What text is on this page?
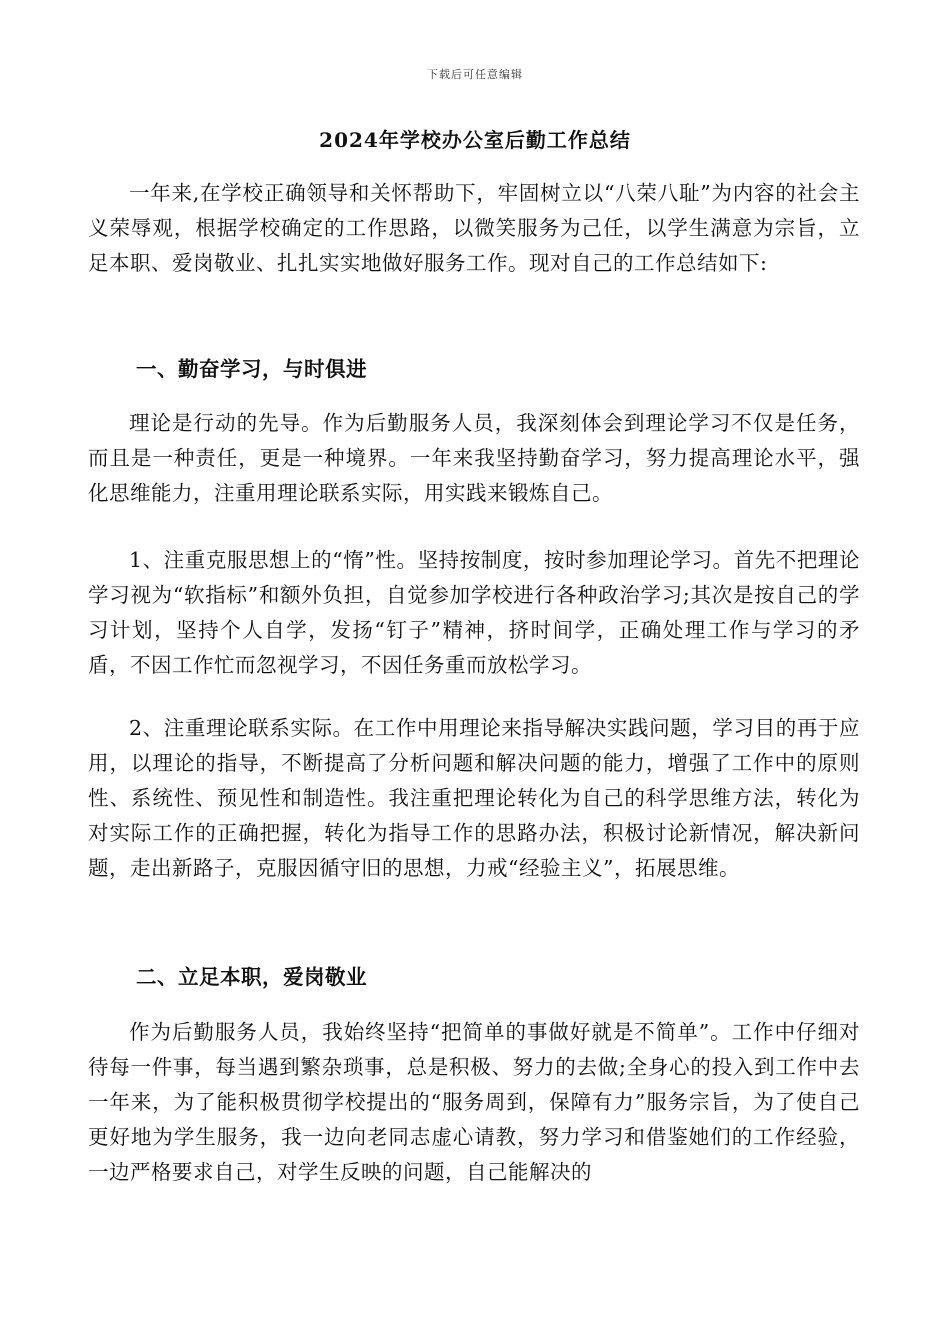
下载后可任意编辑
2024年学校办公室后勤工作总结

一年来,在学校正确领导和关怀帮助下，牢固树立以“八荣八耻”为内容的社会主义荣辱观，根据学校确定的工作思路，以微笑服务为己任，以学生满意为宗旨，立足本职、爱岗敬业、扎扎实实地做好服务工作。现对自己的工作总结如下:

一、勤奋学习，与时俱进

理论是行动的先导。作为后勤服务人员，我深刻体会到理论学习不仅是任务，而且是一种责任，更是一种境界。一年来我坚持勤奋学习，努力提高理论水平，强化思维能力，注重用理论联系实际，用实践来锻炼自己。

1、注重克服思想上的“惰”性。坚持按制度，按时参加理论学习。首先不把理论学习视为“软指标”和额外负担，自觉参加学校进行各种政治学习;其次是按自己的学习计划，坚持个人自学，发扬“钉子”精神，挤时间学，正确处理工作与学习的矛盾，不因工作忙而忽视学习，不因任务重而放松学习。

2、注重理论联系实际。在工作中用理论来指导解决实践问题，学习目的再于应用，以理论的指导，不断提高了分析问题和解决问题的能力，增强了工作中的原则性、系统性、预见性和制造性。我注重把理论转化为自己的科学思维方法，转化为对实际工作的正确把握，转化为指导工作的思路办法，积极讨论新情况，解决新问题，走出新路子，克服因循守旧的思想，力戒“经验主义”，拓展思维。

二、立足本职，爱岗敬业

作为后勤服务人员，我始终坚持“把简单的事做好就是不简单”。工作中仔细对待每一件事，每当遇到繁杂琐事，总是积极、努力的去做;全身心的投入到工作中去一年来，为了能积极贯彻学校提出的“服务周到，保障有力”服务宗旨，为了使自己更好地为学生服务，我一边向老同志虚心请教，努力学习和借鉴她们的工作经验，一边严格要求自己，对学生反映的问题，自己能解决的
